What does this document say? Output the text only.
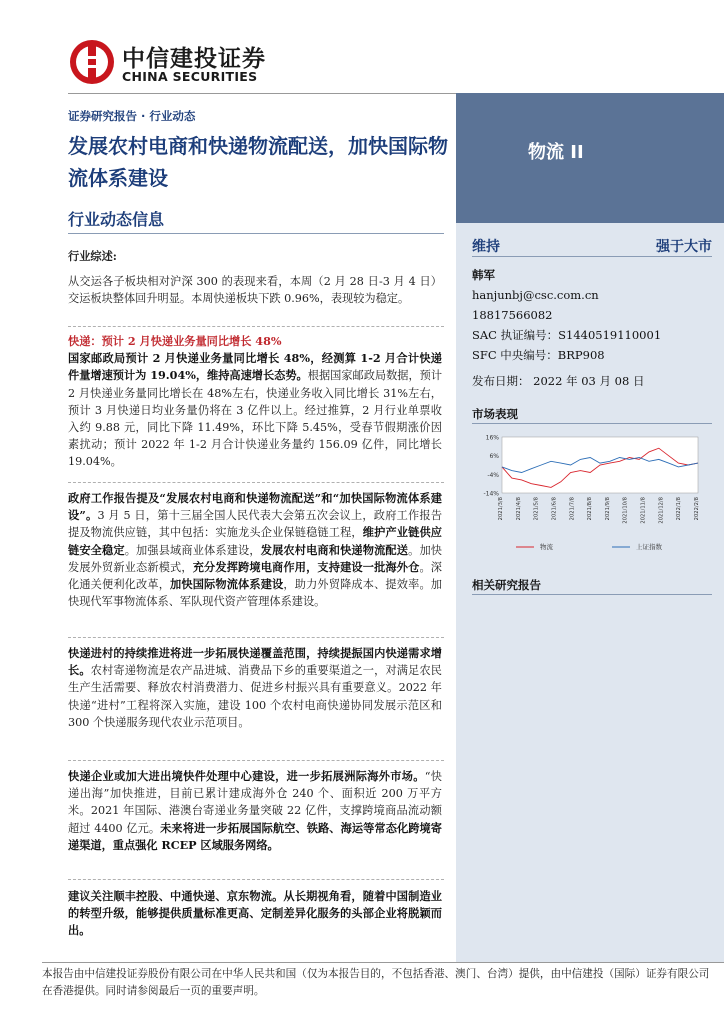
中信建投证券
CHINA SECURITIES
物流 II
维持	强于大市
韩军
hanjunbj@csc.com.cn
18817566082
SAC 执证编号：S1440519110001
SFC 中央编号：BRP908
发布日期： 2022 年 03 月 08 日
市场表现
16%
6%
-4%
-14%
2021/3/8 2021/4/8 2021/5/8 2021/6/8 2021/7/8 2021/8/8 2021/9/8 2021/10/8 2021/11/8 2021/12/8 2022/1/8 2022/2/8
物流	上证指数
相关研究报告
证券研究报告 · 行业动态
发展农村电商和快递物流配送，加快国际物流体系建设
行业动态信息
行业综述:
从交运各子板块相对沪深 300 的表现来看，本周（2 月 28 日-3 月 4 日）交运板块整体回升明显。本周快递板块下跌 0.96%，表现较为稳定。
快递：预计 2 月快递业务量同比增长 48%
国家邮政局预计 2 月快递业务量同比增长 48%，经测算 1-2 月合计快递件量增速预计为 19.04%，维持高速增长态势。根据国家邮政局数据，预计 2 月快递业务量同比增长在 48%左右，快递业务收入同比增长 31%左右，预计 3 月快递日均业务量仍将在 3 亿件以上。经过推算，2 月行业单票收入约 9.88 元，同比下降 11.49%，环比下降 5.45%，受春节假期涨价因素扰动；预计 2022 年 1-2 月合计快递业务量约 156.09 亿件，同比增长 19.04%。
政府工作报告提及“发展农村电商和快递物流配送”和“加快国际物流体系建设”。3 月 5 日，第十三届全国人民代表大会第五次会议上，政府工作报告提及物流供应链，其中包括：实施龙头企业保链稳链工程，维护产业链供应链安全稳定。加强县域商业体系建设，发展农村电商和快递物流配送。加快发展外贸新业态新模式，充分发挥跨境电商作用，支持建设一批海外仓。深化通关便利化改革，加快国际物流体系建设，助力外贸降成本、提效率。加快现代军事物流体系、军队现代资产管理体系建设。
快递进村的持续推进将进一步拓展快递覆盖范围，持续提振国内快递需求增长。农村寄递物流是农产品进城、消费品下乡的重要渠道之一，对满足农民生产生活需要、释放农村消费潜力、促进乡村振兴具有重要意义。2022 年快递“进村”工程将深入实施，建设 100 个农村电商快递协同发展示范区和 300 个快递服务现代农业示范项目。
快递企业或加大进出境快件处理中心建设，进一步拓展洲际海外市场。“快递出海”加快推进，目前已累计建成海外仓 240 个、面积近 200 万平方米。2021 年国际、港澳台寄递业务量突破 22 亿件，支撑跨境商品流动额超过 4400 亿元。未来将进一步拓展国际航空、铁路、海运等常态化跨境寄递渠道，重点强化 RCEP 区域服务网络。
建议关注顺丰控股、中通快递、京东物流。从长期视角看，随着中国制造业的转型升级，能够提供质量标准更高、定制差异化服务的头部企业将脱颖而出。
本报告由中信建投证券股份有限公司在中华人民共和国（仅为本报告目的，不包括香港、澳门、台湾）提供，由中信建投（国际）证券有限公司在香港提供。同时请参阅最后一页的重要声明。
